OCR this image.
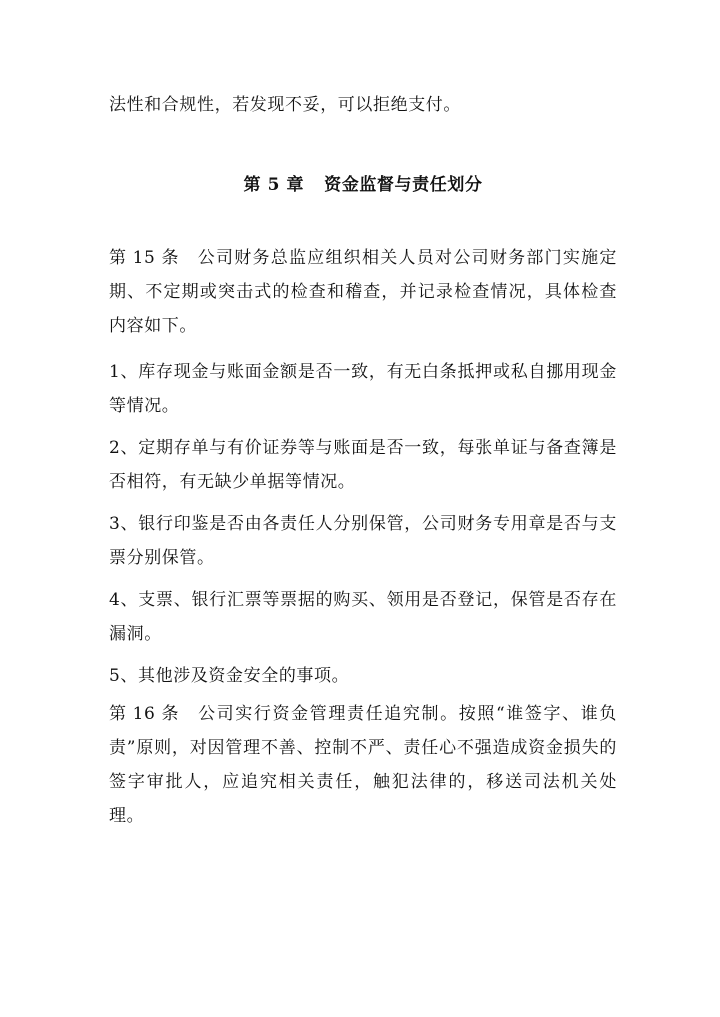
法性和合规性，若发现不妥，可以拒绝支付。

第 5 章 资金监督与责任划分

第 15 条 公司财务总监应组织相关人员对公司财务部门实施定期、不定期或突击式的检查和稽查，并记录检查情况，具体检查内容如下。

1、库存现金与账面金额是否一致，有无白条抵押或私自挪用现金等情况。

2、定期存单与有价证券等与账面是否一致，每张单证与备查簿是否相符，有无缺少单据等情况。

3、银行印鉴是否由各责任人分别保管，公司财务专用章是否与支票分别保管。

4、支票、银行汇票等票据的购买、领用是否登记，保管是否存在漏洞。

5、其他涉及资金安全的事项。

第 16 条 公司实行资金管理责任追究制。按照“谁签字、谁负责”原则，对因管理不善、控制不严、责任心不强造成资金损失的签字审批人，应追究相关责任，触犯法律的，移送司法机关处理。
